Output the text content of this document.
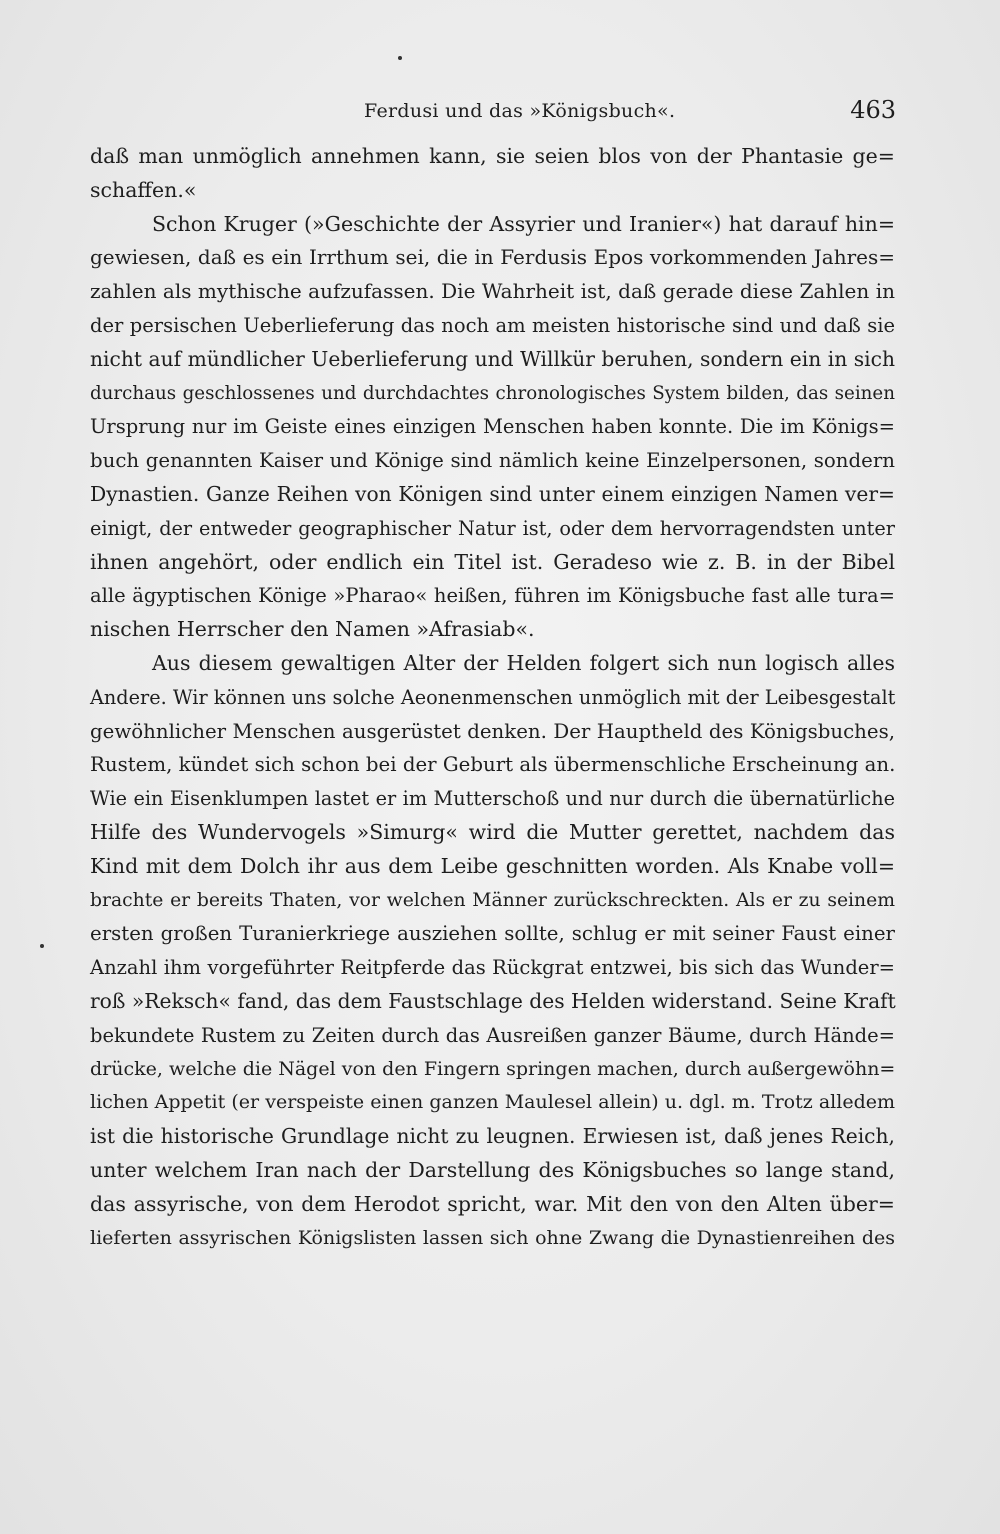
Ferdusi und das »Königsbuch«.	463
daß man unmöglich annehmen kann, sie seien blos von der Phantasie ge=
schaffen.«
Schon Kruger (»Geschichte der Assyrier und Iranier«) hat darauf hin=
gewiesen, daß es ein Irrthum sei, die in Ferdusis Epos vorkommenden Jahres=
zahlen als mythische aufzufassen. Die Wahrheit ist, daß gerade diese Zahlen in
der persischen Ueberlieferung das noch am meisten historische sind und daß sie
nicht auf mündlicher Ueberlieferung und Willkür beruhen, sondern ein in sich
durchaus geschlossenes und durchdachtes chronologisches System bilden, das seinen
Ursprung nur im Geiste eines einzigen Menschen haben konnte. Die im Königs=
buch genannten Kaiser und Könige sind nämlich keine Einzelpersonen, sondern
Dynastien. Ganze Reihen von Königen sind unter einem einzigen Namen ver=
einigt, der entweder geographischer Natur ist, oder dem hervorragendsten unter
ihnen angehört, oder endlich ein Titel ist. Geradeso wie z. B. in der Bibel
alle ägyptischen Könige »Pharao« heißen, führen im Königsbuche fast alle tura=
nischen Herrscher den Namen »Afrasiab«.
Aus diesem gewaltigen Alter der Helden folgert sich nun logisch alles
Andere. Wir können uns solche Aeonenmenschen unmöglich mit der Leibesgestalt
gewöhnlicher Menschen ausgerüstet denken. Der Hauptheld des Königsbuches,
Rustem, kündet sich schon bei der Geburt als übermenschliche Erscheinung an.
Wie ein Eisenklumpen lastet er im Mutterschoß und nur durch die übernatürliche
Hilfe des Wundervogels »Simurg« wird die Mutter gerettet, nachdem das
Kind mit dem Dolch ihr aus dem Leibe geschnitten worden. Als Knabe voll=
brachte er bereits Thaten, vor welchen Männer zurückschreckten. Als er zu seinem
ersten großen Turanierkriege ausziehen sollte, schlug er mit seiner Faust einer
Anzahl ihm vorgeführter Reitpferde das Rückgrat entzwei, bis sich das Wunder=
roß »Reksch« fand, das dem Faustschlage des Helden widerstand. Seine Kraft
bekundete Rustem zu Zeiten durch das Ausreißen ganzer Bäume, durch Hände=
drücke, welche die Nägel von den Fingern springen machen, durch außergewöhn=
lichen Appetit (er verspeiste einen ganzen Maulesel allein) u. dgl. m. Trotz alledem
ist die historische Grundlage nicht zu leugnen. Erwiesen ist, daß jenes Reich,
unter welchem Iran nach der Darstellung des Königsbuches so lange stand,
das assyrische, von dem Herodot spricht, war. Mit den von den Alten über=
lieferten assyrischen Königslisten lassen sich ohne Zwang die Dynastienreihen des
